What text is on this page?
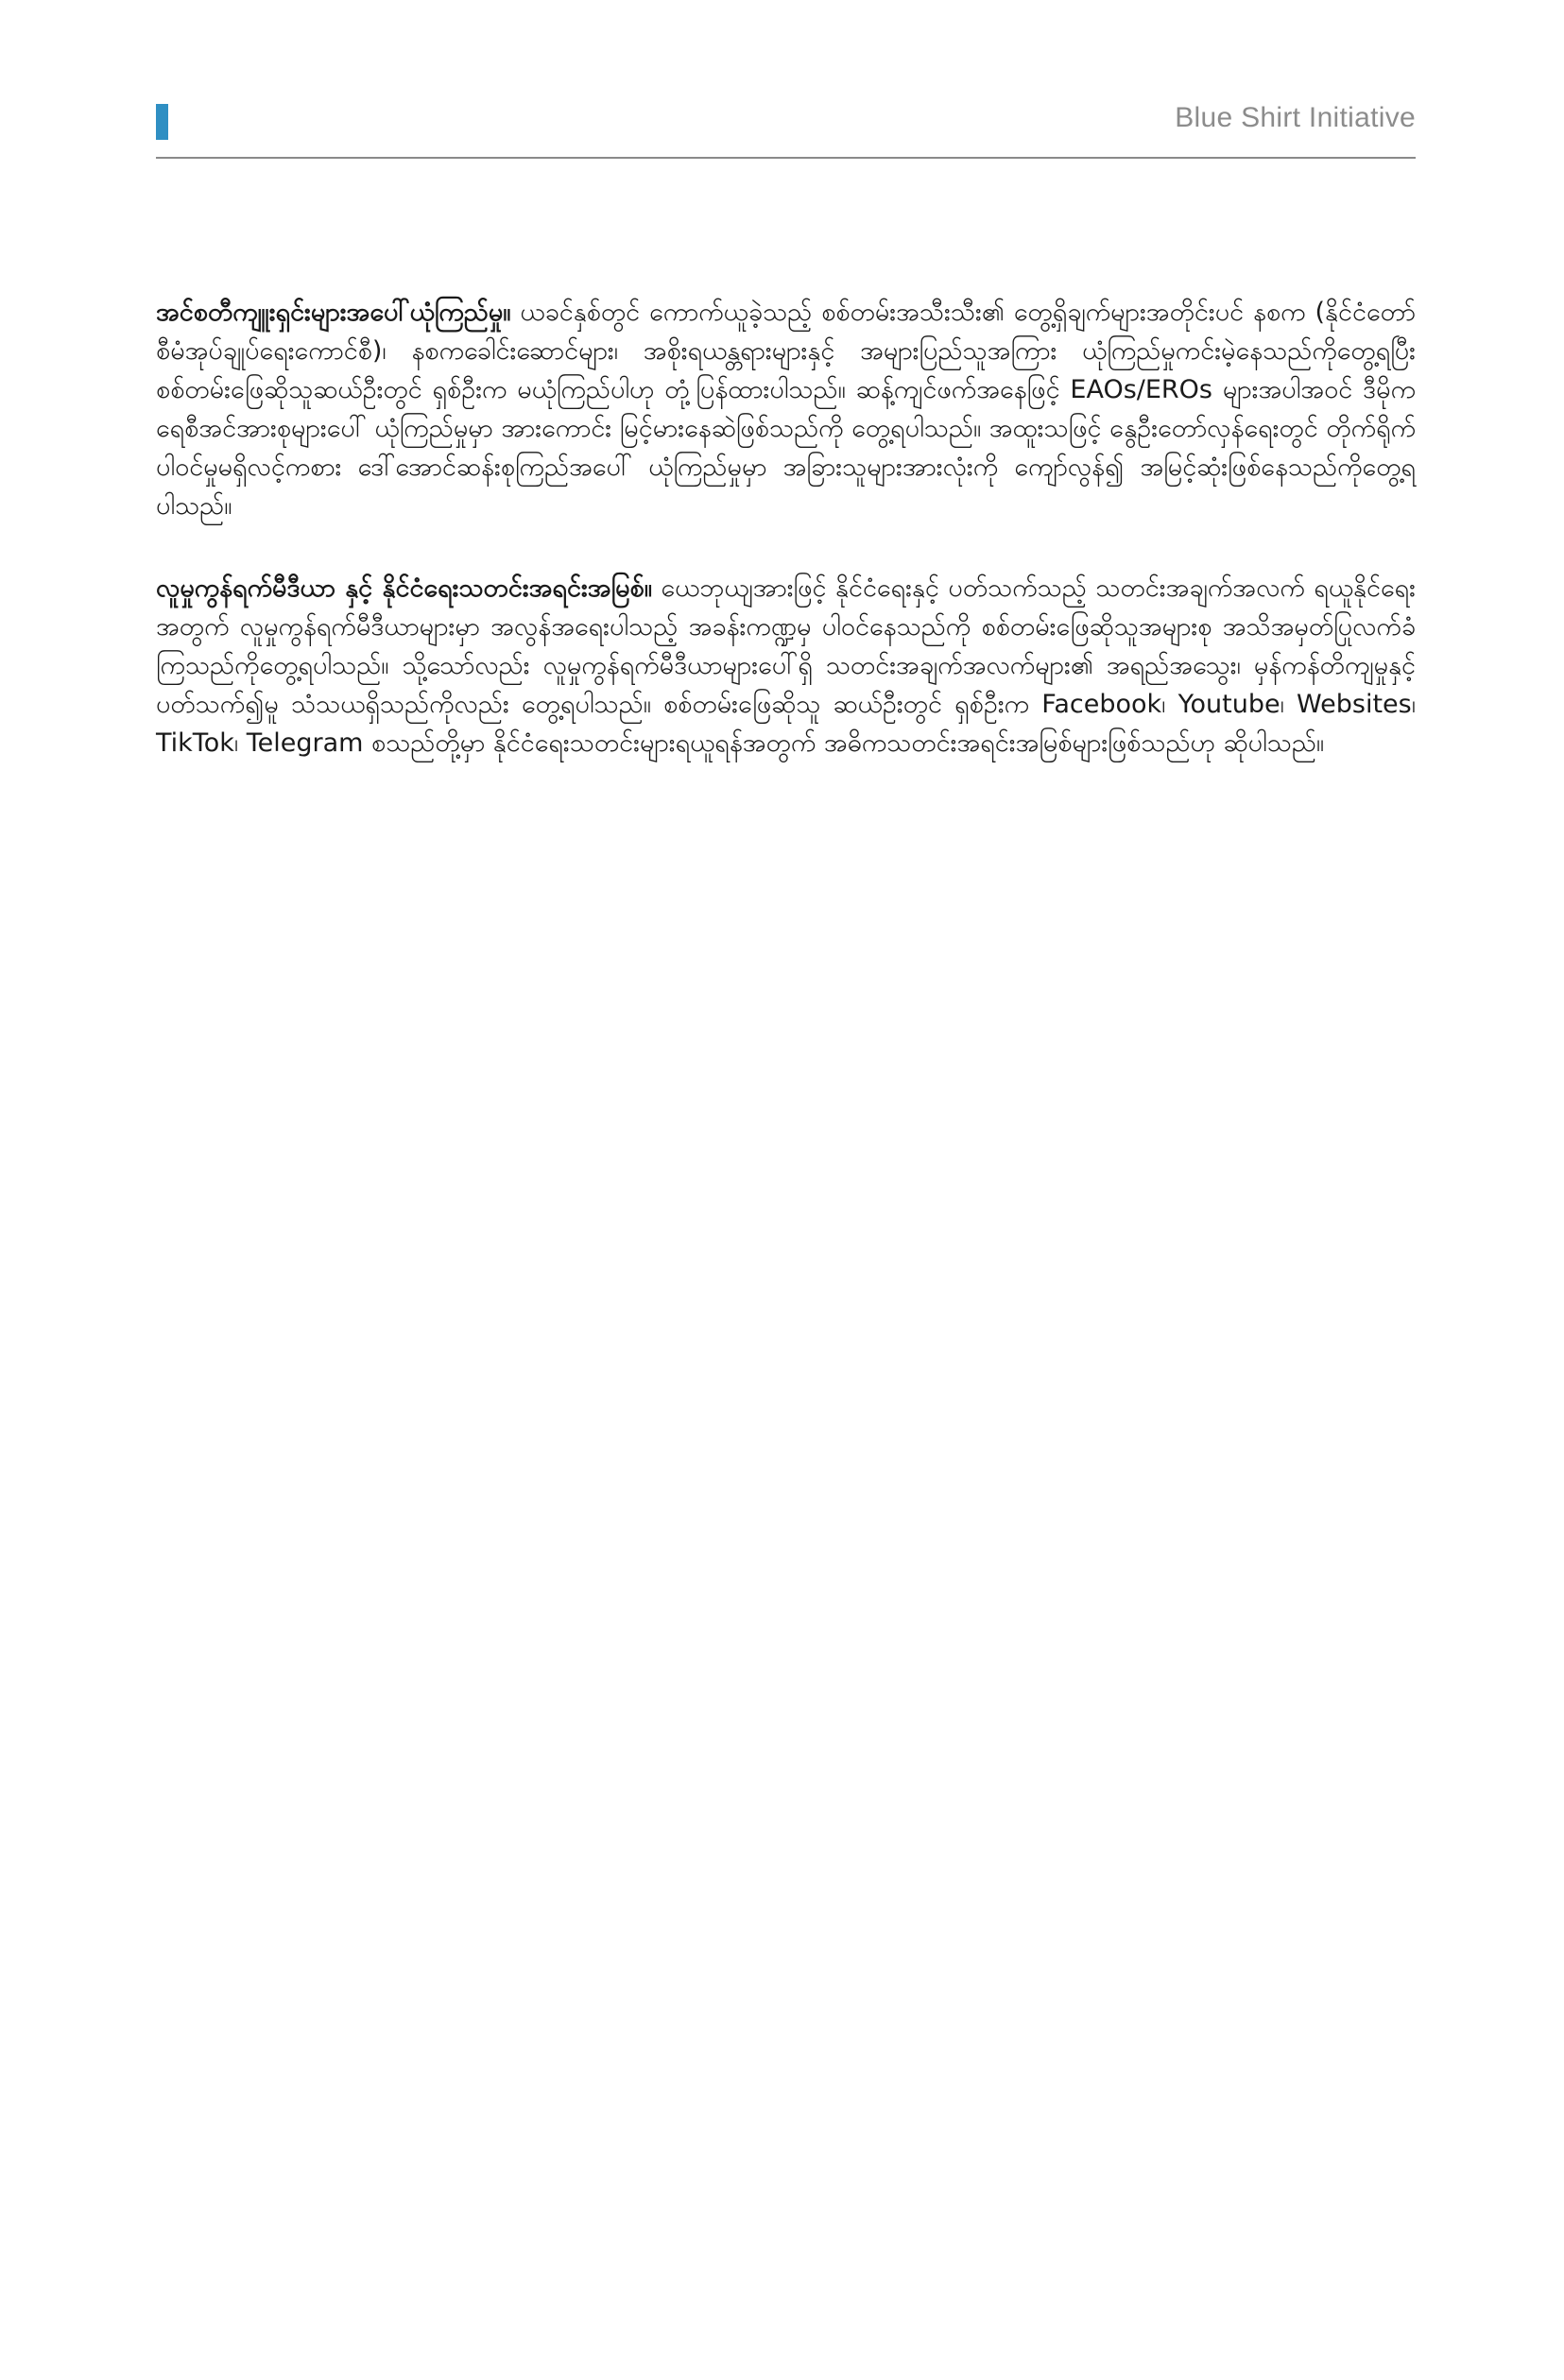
Blue Shirt Initiative

အင်စတီကျူးရှင်းများအပေါ်ယုံကြည်မှု။ ယခင်နှစ်တွင် ကောက်ယူခဲ့သည့် စစ်တမ်းအသီးသီး၏ တွေ့ရှိချက်များအတိုင်းပင် နစက (နိုင်ငံတော်စီမံအုပ်ချုပ်ရေးကောင်စီ)၊ နစကခေါင်းဆောင်များ၊ အစိုးရယန္တရားများနှင့် အများပြည်သူအကြား ယုံကြည်မှုကင်းမဲ့နေသည်ကိုတွေ့ရပြီး စစ်တမ်းဖြေဆိုသူဆယ်ဦးတွင် ရှစ်ဦးက မယုံကြည်ပါဟု တုံ့ပြန်ထားပါသည်။ ဆန့်ကျင်ဖက်အနေဖြင့် EAOs/EROs များအပါအဝင် ဒီမိုကရေစီအင်အားစုများပေါ် ယုံကြည်မှုမှာ အားကောင်း မြင့်မားနေဆဲဖြစ်သည်ကို တွေ့ရပါသည်။ အထူးသဖြင့် နွေဦးတော်လှန်ရေးတွင် တိုက်ရိုက်ပါဝင်မှုမရှိလင့်ကစား ဒေါ်အောင်ဆန်းစုကြည်အပေါ် ယုံကြည်မှုမှာ အခြားသူများအားလုံးကို ကျော်လွန်၍ အမြင့်ဆုံးဖြစ်နေသည်ကိုတွေ့ရပါသည်။

လူမှုကွန်ရက်မီဒီယာ နှင့် နိုင်ငံရေးသတင်းအရင်းအမြစ်။ ယေဘုယျအားဖြင့် နိုင်ငံရေးနှင့် ပတ်သက်သည့် သတင်းအချက်အလက် ရယူနိုင်ရေးအတွက် လူမှုကွန်ရက်မီဒီယာများမှာ အလွန်အရေးပါသည့် အခန်းကဏ္ဍမှ ပါဝင်နေသည်ကို စစ်တမ်းဖြေဆိုသူအများစု အသိအမှတ်ပြုလက်ခံကြသည်ကိုတွေ့ရပါသည်။ သို့သော်လည်း လူမှုကွန်ရက်မီဒီယာများပေါ်ရှိ သတင်းအချက်အလက်များ၏ အရည်အသွေး၊ မှန်ကန်တိကျမှုနှင့် ပတ်သက်၍မူ သံသယရှိသည်ကိုလည်း တွေ့ရပါသည်။ စစ်တမ်းဖြေဆိုသူ ဆယ်ဦးတွင် ရှစ်ဦးက Facebook၊ Youtube၊ Websites၊ TikTok၊ Telegram စသည်တို့မှာ နိုင်ငံရေးသတင်းများရယူရန်အတွက် အဓိကသတင်းအရင်းအမြစ်များဖြစ်သည်ဟု ဆိုပါသည်။
